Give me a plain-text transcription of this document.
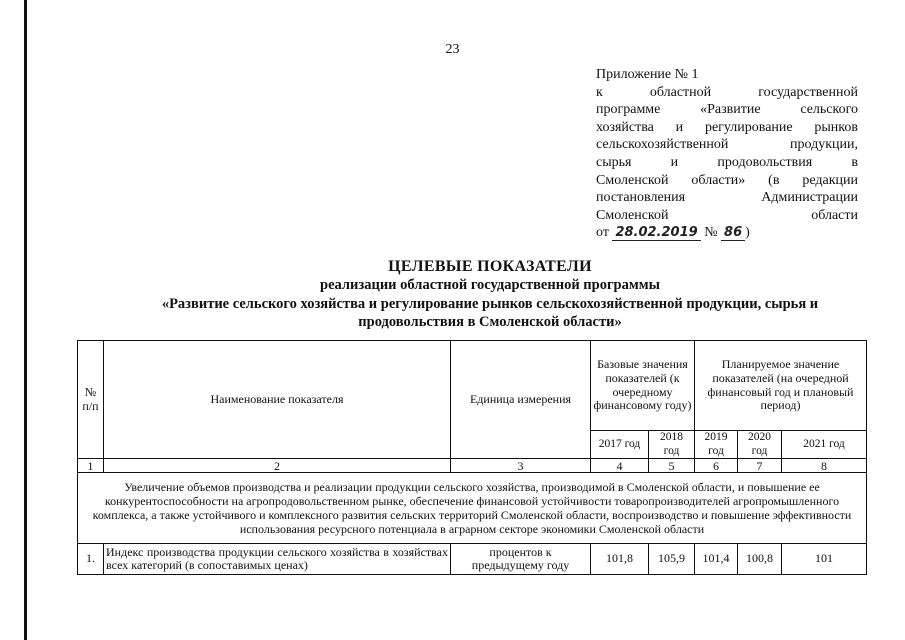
23
Приложение № 1
к областной государственной
программе «Развитие сельского
хозяйства и регулирование рынков
сельскохозяйственной продукции,
сырья и продовольствия в
Смоленской области» (в редакции
постановления Администрации
Смоленской области
от 28.02.2019 № 86 )
ЦЕЛЕВЫЕ ПОКАЗАТЕЛИ
реализации областной государственной программы
«Развитие сельского хозяйства и регулирование рынков сельскохозяйственной продукции, сырья и
продовольствия в Смоленской области»
№ п/п	Наименование показателя	Единица измерения	Базовые значения показателей (к очередному финансовому году)		Планируемое значение показателей (на очередной финансовый год и плановый период)		
			2017 год	2018 год	2019 год	2020 год	2021 год
1	2	3	4	5	6	7	8
Увеличение объемов производства и реализации продукции сельского хозяйства, производимой в Смоленской области, и повышение ее конкурентоспособности на агропродовольственном рынке, обеспечение финансовой устойчивости товаропроизводителей агропромышленного комплекса, а также устойчивого и комплексного развития сельских территорий Смоленской области, воспроизводство и повышение эффективности использования ресурсного потенциала в аграрном секторе экономики Смоленской области							
1.	Индекс производства продукции сельского хозяйства в хозяйствах всех категорий (в сопоставимых ценах)	процентов к предыдущему году	101,8	105,9	101,4	100,8	101
